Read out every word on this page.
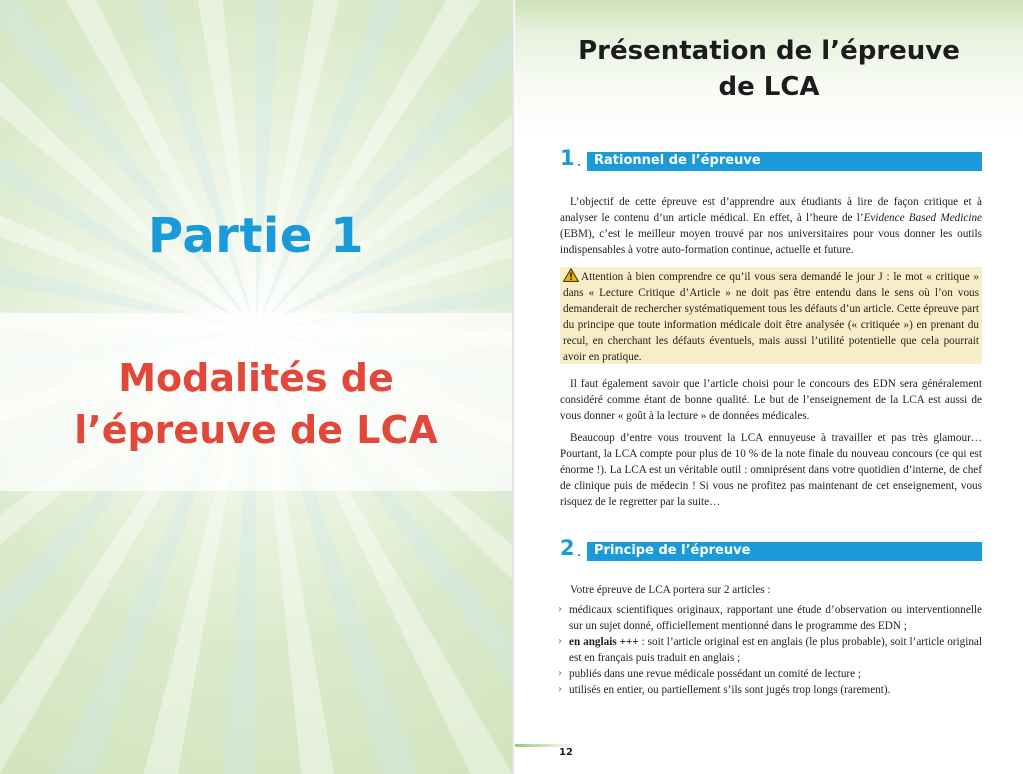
Partie 1
Modalités de
l’épreuve de LCA
Présentation de l’épreuve
de LCA
1 . Rationnel de l’épreuve

L’objectif de cette épreuve est d’apprendre aux étudiants à lire de façon critique et à analyser le contenu d’un article médical. En effet, à l’heure de l’Evidence Based Medicine (EBM), c’est le meilleur moyen trouvé par nos universitaires pour vous donner les outils indispensables à votre auto-formation continue, actuelle et future.

Attention à bien comprendre ce qu’il vous sera demandé le jour J : le mot « critique » dans « Lecture Critique d’Article » ne doit pas être entendu dans le sens où l’on vous demanderait de rechercher systématiquement tous les défauts d’un article. Cette épreuve part du principe que toute information médicale doit être analysée (« critiquée ») en prenant du recul, en cherchant les défauts éventuels, mais aussi l’utilité potentielle que cela pourrait avoir en pratique.

Il faut également savoir que l’article choisi pour le concours des EDN sera généralement considéré comme étant de bonne qualité. Le but de l’enseignement de la LCA est aussi de vous donner « goût à la lecture » de données médicales.

Beaucoup d’entre vous trouvent la LCA ennuyeuse à travailler et pas très glamour… Pourtant, la LCA compte pour plus de 10 % de la note finale du nouveau concours (ce qui est énorme !). La LCA est un véritable outil : omniprésent dans votre quotidien d’interne, de chef de clinique puis de médecin ! Si vous ne profitez pas maintenant de cet enseignement, vous risquez de le regretter par la suite…

2 . Principe de l’épreuve

Votre épreuve de LCA portera sur 2 articles :

› médicaux scientifiques originaux, rapportant une étude d’observation ou interventionnelle sur un sujet donné, officiellement mentionné dans le programme des EDN ;
› en anglais +++ : soit l’article original est en anglais (le plus probable), soit l’article original est en français puis traduit en anglais ;
› publiés dans une revue médicale possédant un comité de lecture ;
› utilisés en entier, ou partiellement s’ils sont jugés trop longs (rarement).
12
